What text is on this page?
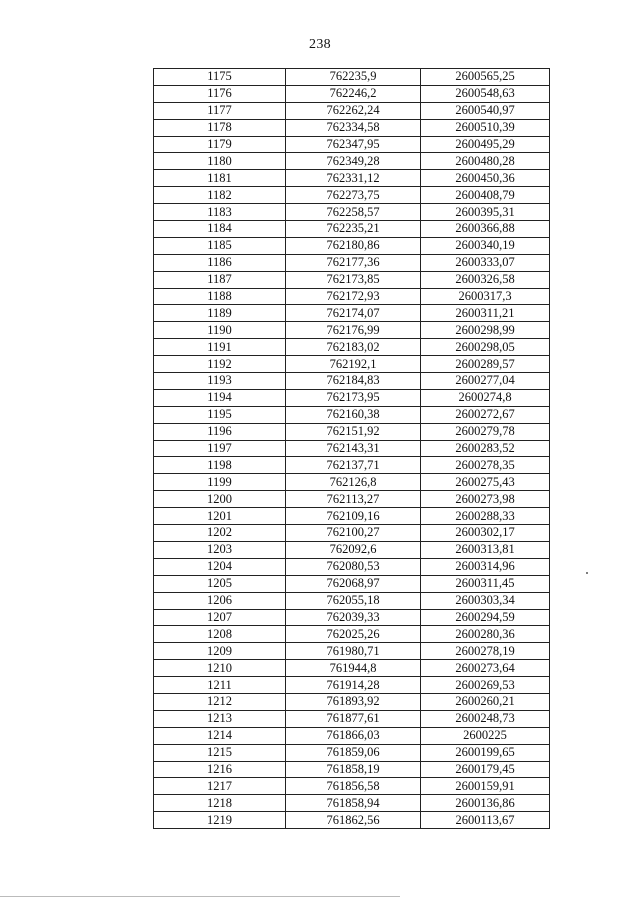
238
1175	762235,9	2600565,25
1176	762246,2	2600548,63
1177	762262,24	2600540,97
1178	762334,58	2600510,39
1179	762347,95	2600495,29
1180	762349,28	2600480,28
1181	762331,12	2600450,36
1182	762273,75	2600408,79
1183	762258,57	2600395,31
1184	762235,21	2600366,88
1185	762180,86	2600340,19
1186	762177,36	2600333,07
1187	762173,85	2600326,58
1188	762172,93	2600317,3
1189	762174,07	2600311,21
1190	762176,99	2600298,99
1191	762183,02	2600298,05
1192	762192,1	2600289,57
1193	762184,83	2600277,04
1194	762173,95	2600274,8
1195	762160,38	2600272,67
1196	762151,92	2600279,78
1197	762143,31	2600283,52
1198	762137,71	2600278,35
1199	762126,8	2600275,43
1200	762113,27	2600273,98
1201	762109,16	2600288,33
1202	762100,27	2600302,17
1203	762092,6	2600313,81
1204	762080,53	2600314,96
1205	762068,97	2600311,45
1206	762055,18	2600303,34
1207	762039,33	2600294,59
1208	762025,26	2600280,36
1209	761980,71	2600278,19
1210	761944,8	2600273,64
1211	761914,28	2600269,53
1212	761893,92	2600260,21
1213	761877,61	2600248,73
1214	761866,03	2600225
1215	761859,06	2600199,65
1216	761858,19	2600179,45
1217	761856,58	2600159,91
1218	761858,94	2600136,86
1219	761862,56	2600113,67
